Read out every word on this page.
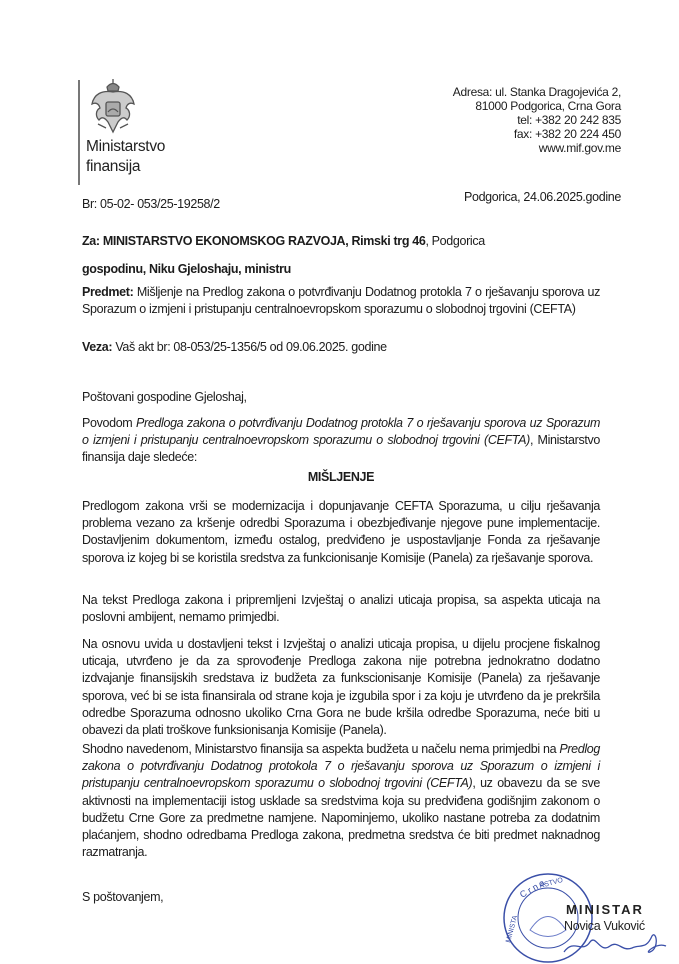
Ministarstvo
finansija
Adresa: ul. Stanka Dragojevića 2,
81000 Podgorica, Crna Gora
tel: +382 20 242 835
fax: +382 20 224 450
www.mif.gov.me
Br: 05-02- 053/25-19258/2	Podgorica, 24.06.2025.godine
Za: MINISTARSTVO EKONOMSKOG RAZVOJA, Rimski trg 46, Podgorica
gospodinu, Niku Gjeloshaju, ministru
Predmet: Mišljenje na Predlog zakona o potvrđivanju Dodatnog protokla 7 o rješavanju sporova uz Sporazum o izmjeni i pristupanju centralnoevropskom sporazumu o slobodnoj trgovini (CEFTA)
Veza: Vaš akt br: 08-053/25-1356/5 od 09.06.2025. godine
Poštovani gospodine Gjeloshaj,
Povodom Predloga zakona o potvrđivanju Dodatnog protokla 7 o rješavanju sporova uz Sporazum o izmjeni i pristupanju centralnoevropskom sporazumu o slobodnoj trgovini (CEFTA), Ministarstvo finansija daje sledeće:
MIŠLJENJE
Predlogom zakona vrši se modernizacija i dopunjavanje CEFTA Sporazuma, u cilju rješavanja problema vezano za kršenje odredbi Sporazuma i obezbjeđivanje njegove pune implementacije. Dostavljenim dokumentom, između ostalog, predviđeno je uspostavljanje Fonda za rješavanje sporova iz kojeg bi se koristila sredstva za funkcionisanje Komisije (Panela) za rješavanje sporova.
Na tekst Predloga zakona i pripremljeni Izvještaj o analizi uticaja propisa, sa aspekta uticaja na poslovni ambijent, nemamo primjedbi.
Na osnovu uvida u dostavljeni tekst i Izvještaj o analizi uticaja propisa, u dijelu procjene fiskalnog uticaja, utvrđeno je da za sprovođenje Predloga zakona nije potrebna jednokratno dodatno izdvajanje finansijskih sredstava iz budžeta za funkscionisanje Komisije (Panela) za rješavanje sporova, već bi se ista finansirala od strane koja je izgubila spor i za koju je utvrđeno da je prekršila odredbe Sporazuma odnosno ukoliko Crna Gora ne bude kršila odredbe Sporazuma, neće biti u obavezi da plati troškove funksionisanja Komisije (Panela).
Shodno navedenom, Ministarstvo finansija sa aspekta budžeta u načelu nema primjedbi na Predlog zakona o potvrđivanju Dodatnog protokola 7 o rješavanju sporova uz Sporazum o izmjeni i pristupanju centralnoevropskom sporazumu o slobodnoj trgovini (CEFTA), uz obavezu da se sve aktivnosti na implementaciji istog usklade sa sredstvima koja su predviđena godišnjim zakonom o budžetu Crne Gore za predmetne namjene. Napominjemo, ukoliko nastane potreba za dodatnim plaćanjem, shodno odredbama Predloga zakona, predmetna sredstva će biti predmet naknadnog razmatranja.
S poštovanjem,	C r n a
RSTVO
MINISTA
MINISTAR
Novica Vuković
